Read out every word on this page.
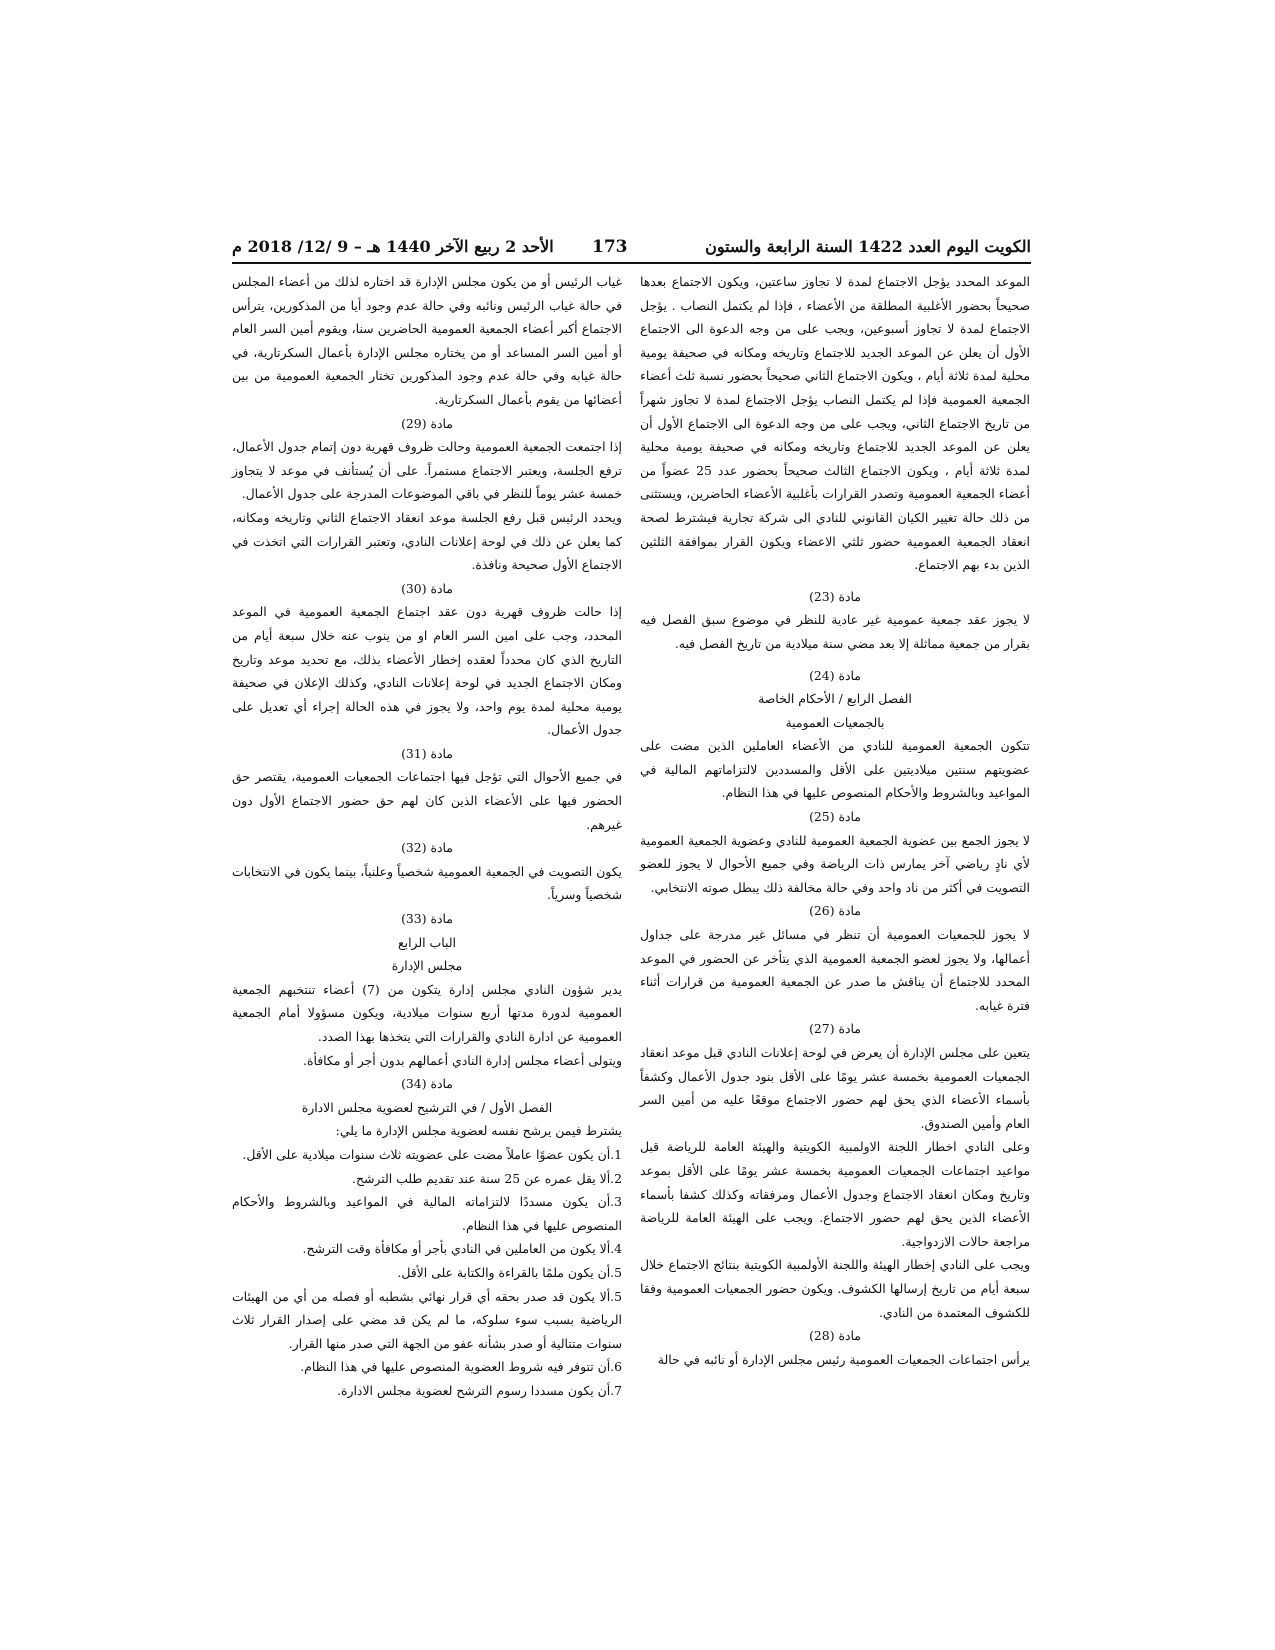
الكويت اليوم العدد 1422 السنة الرابعة والستون
173
الأحد 2 ربيع الآخر 1440 هـ – 9 /12/ 2018 م

الموعد المحدد يؤجل الاجتماع لمدة لا تجاوز ساعتين، ويكون الاجتماع بعدها صحيحاً بحضور الأغلبية المطلقة من الأعضاء ، فإذا لم يكتمل النصاب . يؤجل الاجتماع لمدة لا تجاوز أسبوعين، ويجب على من وجه الدعوة الى الاجتماع الأول أن يعلن عن الموعد الجديد للاجتماع وتاريخه ومكانه في صحيفة يومية محلية لمدة ثلاثة أيام ، ويكون الاجتماع الثاني صحيحاً بحضور نسبة ثلث أعضاء الجمعية العمومية فإذا لم يكتمل النصاب يؤجل الاجتماع لمدة لا تجاوز شهراً من تاريخ الاجتماع الثاني، ويجب على من وجه الدعوة الى الاجتماع الأول أن يعلن عن الموعد الجديد للاجتماع وتاريخه ومكانه في صحيفة يومية محلية لمدة ثلاثة أيام ، ويكون الاجتماع الثالث صحيحاً بحضور عدد 25 عضواً من أعضاء الجمعية العمومية وتصدر القرارات بأغلبية الأعضاء الحاضرين، ويستثنى من ذلك حالة تغيير الكيان القانوني للنادي الى شركة تجارية فيشترط لصحة انعقاد الجمعية العمومية حضور ثلثي الاعضاء ويكون القرار بموافقة الثلثين الذين بدء بهم الاجتماع.

مادة (23)

لا يجوز عقد جمعية عمومية غير عادية للنظر في موضوع سبق الفصل فيه بقرار من جمعية مماثلة إلا بعد مضي سنة ميلادية من تاريخ الفصل فيه.

مادة (24)

الفصل الرابع / الأحكام الخاصة

بالجمعيات العمومية

تتكون الجمعية العمومية للنادي من الأعضاء العاملين الذين مضت على عضويتهم سنتين ميلاديتين على الأقل والمسددين لالتزاماتهم المالية في المواعيد وبالشروط والأحكام المنصوص عليها في هذا النظام.

مادة (25)

لا يجوز الجمع بين عضوية الجمعية العمومية للنادي وعضوية الجمعية العمومية لأي نادٍ رياضي آخر يمارس ذات الرياضة وفي جميع الأحوال لا يجوز للعضو التصويت في أكثر من ناد واحد وفي حالة مخالفة ذلك يبطل صوته الانتخابي.

مادة (26)

لا يجوز للجمعيات العمومية أن تنظر في مسائل غير مدرجة على جداول أعمالها، ولا يجوز لعضو الجمعية العمومية الذي يتأخر عن الحضور في الموعد المحدد للاجتماع أن يناقش ما صدر عن الجمعية العمومية من قرارات أثناء فترة غيابه.

مادة (27)

يتعين على مجلس الإدارة أن يعرض في لوحة إعلانات النادي قبل موعد انعقاد الجمعيات العمومية بخمسة عشر يومًا على الأقل بنود جدول الأعمال وكشفاً بأسماء الأعضاء الذي يحق لهم حضور الاجتماع موقعًا عليه من أمين السر العام وأمين الصندوق.

وعلى النادي اخطار اللجنة الاولمبية الكويتية والهيئة العامة للرياضة قبل مواعيد اجتماعات الجمعيات العمومية بخمسة عشر يومًا على الأقل بموعد وتاريخ ومكان انعقاد الاجتماع وجدول الأعمال ومرفقاته وكذلك كشفا بأسماء الأعضاء الذين يحق لهم حضور الاجتماع. ويجب على الهيئة العامة للرياضة مراجعة حالات الازدواجية.

ويجب على النادي إخطار الهيئة واللجنة الأولمبية الكويتية بنتائج الاجتماع خلال سبعة أيام من تاريخ إرسالها الكشوف. ويكون حضور الجمعيات العمومية وفقا للكشوف المعتمدة من النادي.

مادة (28)

يرأس اجتماعات الجمعيات العمومية رئيس مجلس الإدارة أو نائبه في حالة

غياب الرئيس أو من يكون مجلس الإدارة قد اختاره لذلك من أعضاء المجلس في حالة غياب الرئيس ونائبه وفي حالة عدم وجود أيا من المذكورين، يترأس الاجتماع أكبر أعضاء الجمعية العمومية الحاضرين سنا، ويقوم أمين السر العام أو أمين السر المساعد أو من يختاره مجلس الإدارة بأعمال السكرتارية، في حالة غيابه وفي حالة عدم وجود المذكورين تختار الجمعية العمومية من بين أعضائها من يقوم بأعمال السكرتارية.

مادة (29)

إذا اجتمعت الجمعية العمومية وحالت ظروف قهرية دون إتمام جدول الأعمال، ترفع الجلسة، ويعتبر الاجتماع مستمراً. على أن يُستأنف في موعد لا يتجاوز خمسة عشر يوماً للنظر في باقي الموضوعات المدرجة على جدول الأعمال.

ويحدد الرئيس قبل رفع الجلسة موعد انعقاد الاجتماع الثاني وتاريخه ومكانه، كما يعلن عن ذلك في لوحة إعلانات النادي، وتعتبر القرارات التي اتخذت في الاجتماع الأول صحيحة ونافذة.

مادة (30)

إذا حالت ظروف قهرية دون عقد اجتماع الجمعية العمومية في الموعد المحدد، وجب على امين السر العام او من ينوب عنه خلال سبعة أيام من التاريخ الذي كان محدداً لعقده إخطار الأعضاء بذلك، مع تحديد موعد وتاريخ ومكان الاجتماع الجديد في لوحة إعلانات النادي، وكذلك الإعلان في صحيفة يومية محلية لمدة يوم واحد، ولا يجوز في هذه الحالة إجراء أي تعديل على جدول الأعمال.

مادة (31)

في جميع الأحوال التي تؤجل فيها اجتماعات الجمعيات العمومية، يقتصر حق الحضور فيها على الأعضاء الذين كان لهم حق حضور الاجتماع الأول دون غيرهم.

مادة (32)

يكون التصويت في الجمعية العمومية شخصياً وعلنياً، بينما يكون في الانتخابات شخصياً وسرياً.

مادة (33)

الباب الرابع

مجلس الإدارة

يدير شؤون النادي مجلس إدارة يتكون من (7) أعضاء تنتخبهم الجمعية العمومية لدورة مدتها أربع سنوات ميلادية، ويكون مسؤولا أمام الجمعية العمومية عن ادارة النادي والقرارات التي يتخذها بهذا الصدد.

ويتولى أعضاء مجلس إدارة النادي أعمالهم بدون أجر أو مكافأة.

مادة (34)

الفصل الأول / في الترشيح لعضوية مجلس الادارة

يشترط فيمن يرشح نفسه لعضوية مجلس الإدارة ما يلي:

1.أن يكون عضوًا عاملاً مضت على عضويته ثلاث سنوات ميلادية على الأقل.

2.ألا يقل عمره عن 25 سنة عند تقديم طلب الترشح.

3.أن يكون مسددًا لالتزاماته المالية في المواعيد وبالشروط والأحكام المنصوص عليها في هذا النظام.

4.ألا يكون من العاملين في النادي بأجر أو مكافأة وقت الترشح.

5.أن يكون ملمًا بالقراءة والكتابة على الأقل.

5.ألا يكون قد صدر بحقه أي قرار نهائي بشطبه أو فصله من أي من الهيئات الرياضية بسبب سوء سلوكه، ما لم يكن قد مضي على إصدار القرار ثلاث سنوات متتالية أو صدر بشأنه عفو من الجهة التي صدر منها القرار.

6.أن تتوفر فيه شروط العضوية المنصوص عليها في هذا النظام.

7.أن يكون مسددا رسوم الترشح لعضوية مجلس الادارة.
